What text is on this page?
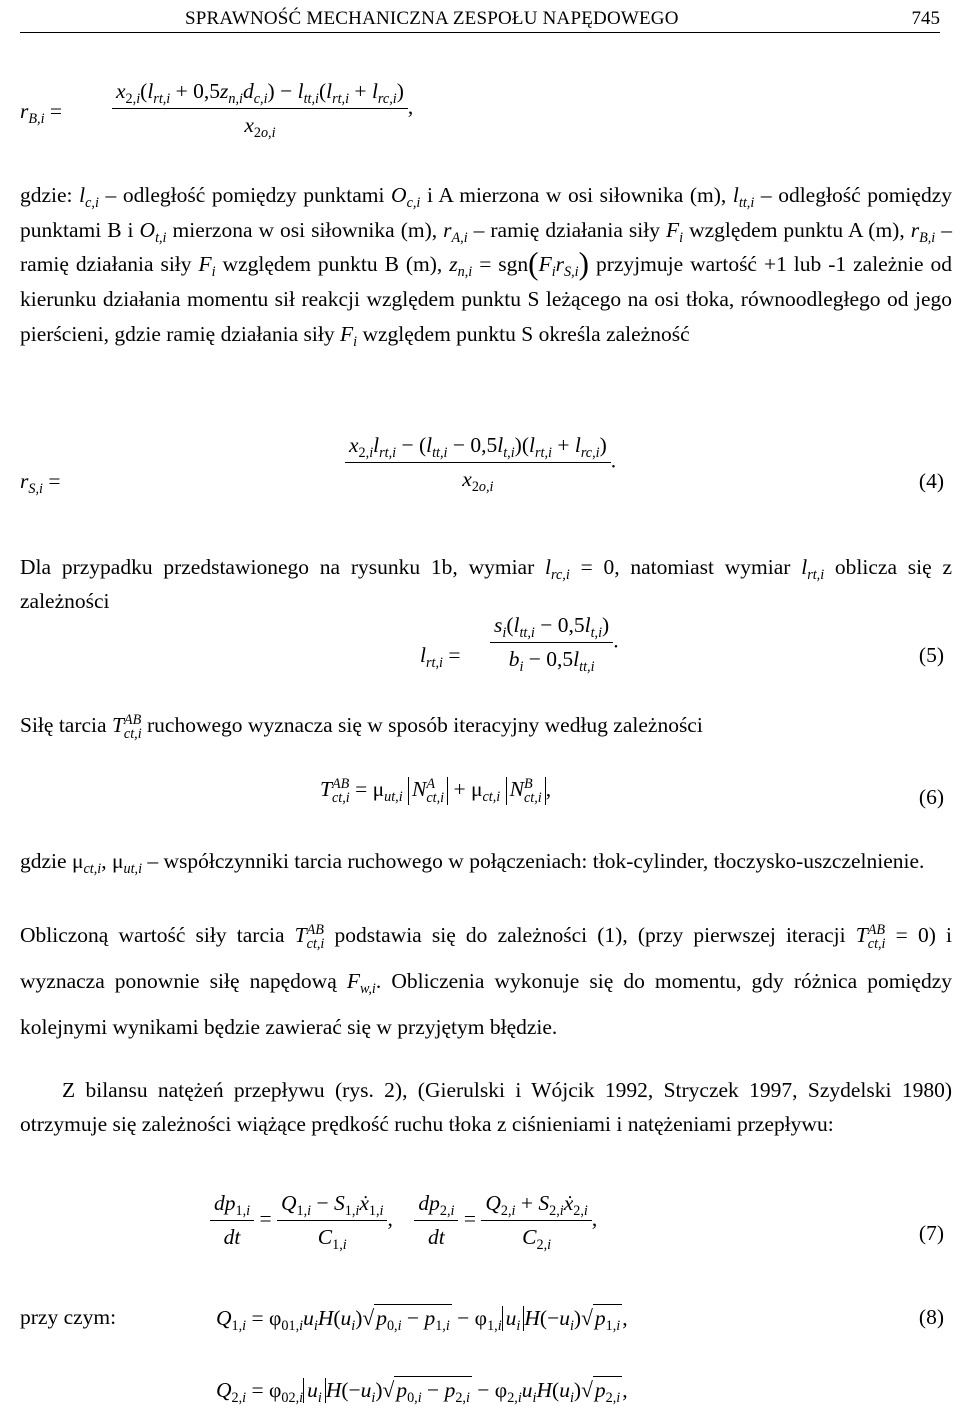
SPRAWNOŚĆ MECHANICZNA ZESPOŁU NAPĘDOWEGO	745
$r_{B,i} = \frac{x_{2,i}(l_{rt,i} + 0,5z_{n,i}d_{c,i}) - l_{tt,i}(l_{rt,i} + l_{rc,i})}{x_{2o,i}}$ ,

gdzie: $l_{c,i}$ – odległość pomiędzy punktami $O_{c,i}$ i A mierzona w osi siłownika (m), $l_{tt,i}$ – odległość pomiędzy punktami B i $O_{t,i}$ mierzona w osi siłownika (m), $r_{A,i}$ – ramię działania siły $F_i$ względem punktu A (m), $r_{B,i}$ – ramię działania siły $F_i$ względem punktu B (m), $z_{n,i} = sgn(F_ir_{S,i})$ przyjmuje wartość +1 lub -1 zależnie od kierunku działania momentu sił reakcji względem punktu S leżącego na osi tłoka, równoodległego od jego pierścieni, gdzie ramię działania siły $F_i$ względem punktu S określa zależność

$r_{S,i}$ =	$\frac{x_{2,i}l_{rt,i} - (l_{tt,i} - 0,5l_{t,i})(l_{rt,i} + l_{rc,i})}{x_{2o,i}}$ .
(4)

Dla przypadku przedstawionego na rysunku 1b, wymiar $l_{rc,i} = 0$, natomiast wymiar $l_{rt,i}$ oblicza się z zależności

$l_{rt,i} = \frac{s_i(l_{tt,i} - 0,5l_{t,i})}{b_i - 0,5l_{tt,i}}$ .
(5)

Siłę tarcia T AB
ct,i ruchowego wyznacza się w sposób iteracyjny według zależności

T AB
$ct,i = \mu_{ut,i}$ N A
$ct,i + \mu_{ct,i}$ N B
ct,i ,	(6)

gdzie $\mu_{ct,i}$, $\mu_{ut,i}$ – współczynniki tarcia ruchowego w połączeniach: tłok-cylinder, tłoczysko-uszczelnienie.

Obliczoną wartość siły tarcia T AB
ct,i podstawia się do zależności (1), (przy pierwszej iteracji T AB
ct,i = 0) i wyznacza ponownie siłę napędową $F_{w,i}$. Obliczenia wykonuje się do momentu, gdy różnica pomiędzy kolejnymi wynikami będzie zawierać się w przyjętym błędzie.

Z bilansu natężeń przepływu (rys. 2), (Gierulski i Wójcik 1992, Stryczek 1997, Szydelski 1980) otrzymuje się zależności wiążące prędkość ruchu tłoka z ciśnieniami i natężeniami przepływu:

$\frac{dp_{1,i}}{dt} = \frac{Q_{1,i} - S_{1,i}ẋ_{1,i}}{C_{1,i}}$ , $\frac{dp_{2,i}}{dt} = \frac{Q_{2,i} + S_{2,i}ẋ_{2,i}}{C_{2,i}}$ ,
(7)
przy czym:	$Q_{1,i} = \varphi_{01,i}u_iH(u_i)√p_{0,i} - p_{1,i} - \varphi_{1,i}$ $u_i$ $H(-u_i)√p_{1,i}$,	(8)
$Q_{2,i} = \varphi_{02,i}$ $u_i$ $H(-u_i)√p_{0,i} - p_{2,i} - \varphi_{2,i}u_iH(u_i)√p_{2,i}$,
